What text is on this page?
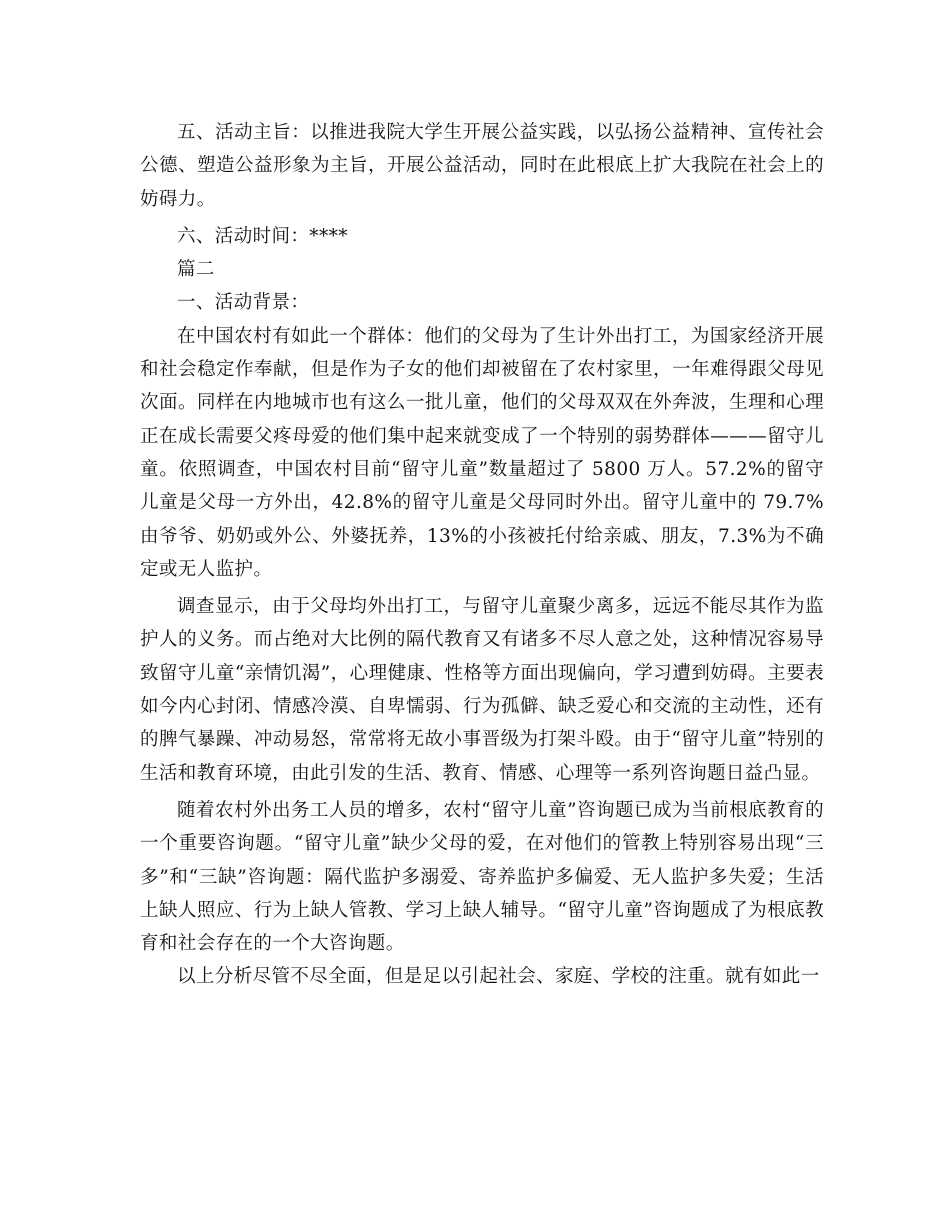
五、活动主旨：以推进我院大学生开展公益实践，以弘扬公益精神、宣传社会公德、塑造公益形象为主旨，开展公益活动，同时在此根底上扩大我院在社会上的妨碍力。

六、活动时间：****

篇二

一、活动背景：

在中国农村有如此一个群体：他们的父母为了生计外出打工，为国家经济开展和社会稳定作奉献，但是作为子女的他们却被留在了农村家里，一年难得跟父母见次面。同样在内地城市也有这么一批儿童，他们的父母双双在外奔波，生理和心理正在成长需要父疼母爱的他们集中起来就变成了一个特别的弱势群体———留守儿童。依照调查，中国农村目前“留守儿童”数量超过了 5800 万人。57.2%的留守儿童是父母一方外出，42.8%的留守儿童是父母同时外出。留守儿童中的 79.7%由爷爷、奶奶或外公、外婆抚养，13%的小孩被托付给亲戚、朋友，7.3%为不确定或无人监护。

调查显示，由于父母均外出打工，与留守儿童聚少离多，远远不能尽其作为监护人的义务。而占绝对大比例的隔代教育又有诸多不尽人意之处，这种情况容易导致留守儿童“亲情饥渴”，心理健康、性格等方面出现偏向，学习遭到妨碍。主要表如今内心封闭、情感冷漠、自卑懦弱、行为孤僻、缺乏爱心和交流的主动性，还有的脾气暴躁、冲动易怒，常常将无故小事晋级为打架斗殴。由于“留守儿童”特别的生活和教育环境，由此引发的生活、教育、情感、心理等一系列咨询题日益凸显。

随着农村外出务工人员的增多，农村“留守儿童”咨询题已成为当前根底教育的一个重要咨询题。“留守儿童”缺少父母的爱，在对他们的管教上特别容易出现“三多”和“三缺”咨询题：隔代监护多溺爱、寄养监护多偏爱、无人监护多失爱；生活上缺人照应、行为上缺人管教、学习上缺人辅导。“留守儿童”咨询题成了为根底教育和社会存在的一个大咨询题。

以上分析尽管不尽全面，但是足以引起社会、家庭、学校的注重。就有如此一
